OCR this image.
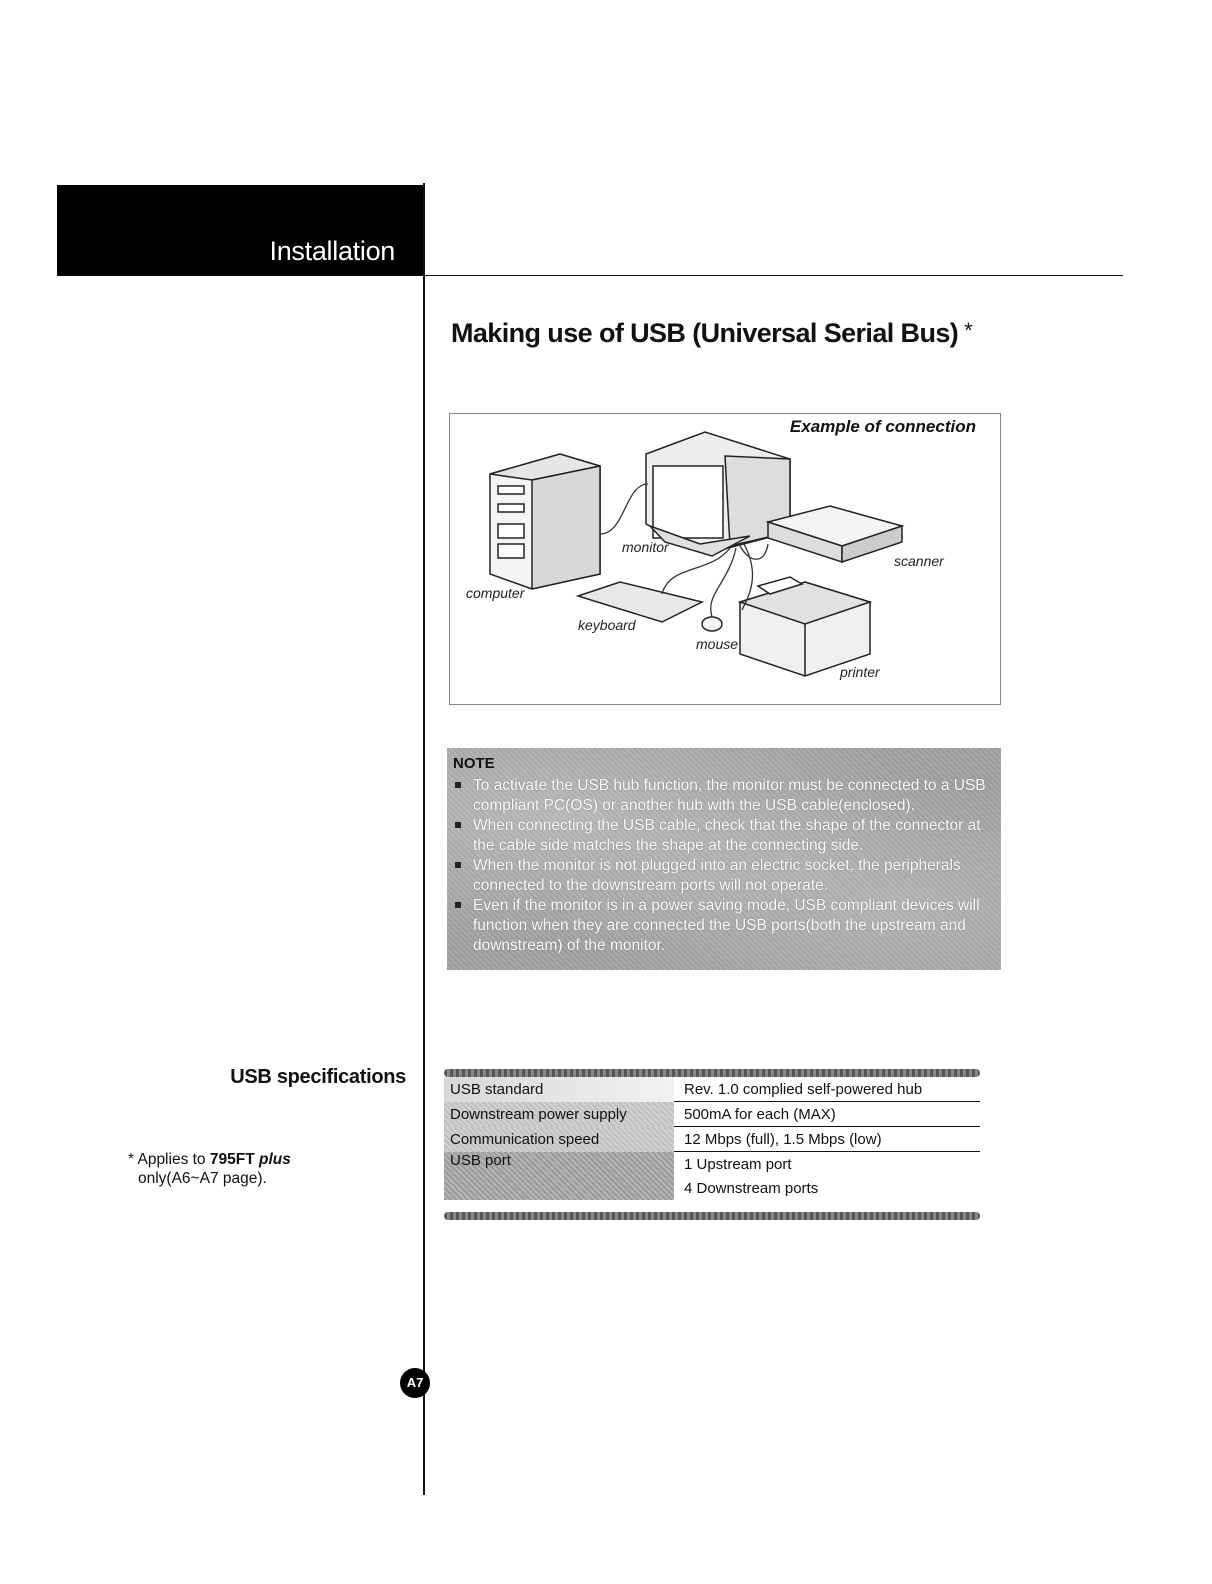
Installation
Making use of USB (Universal Serial Bus) *
Example of connection
monitor
scanner
computer
keyboard
mouse
printer
NOTE
To activate the USB hub function, the monitor must be connected to a USB compliant PC(OS) or another hub with the USB cable(enclosed).
When connecting the USB cable, check that the shape of the connector at the cable side matches the shape at the connecting side.
When the monitor is not plugged into an electric socket, the peripherals connected to the downstream ports will not operate.
Even if the monitor is in a power saving mode, USB compliant devices will function when they are connected the USB ports(both the upstream and downstream) of the monitor.
USB specifications
* Applies to 795FT plus
only(A6~A7 page).
USB standard	Rev. 1.0 complied self-powered hub
Downstream power supply	500mA for each (MAX)
Communication speed	12 Mbps (full), 1.5 Mbps (low)
USB port	1 Upstream port
	4 Downstream ports
A7
